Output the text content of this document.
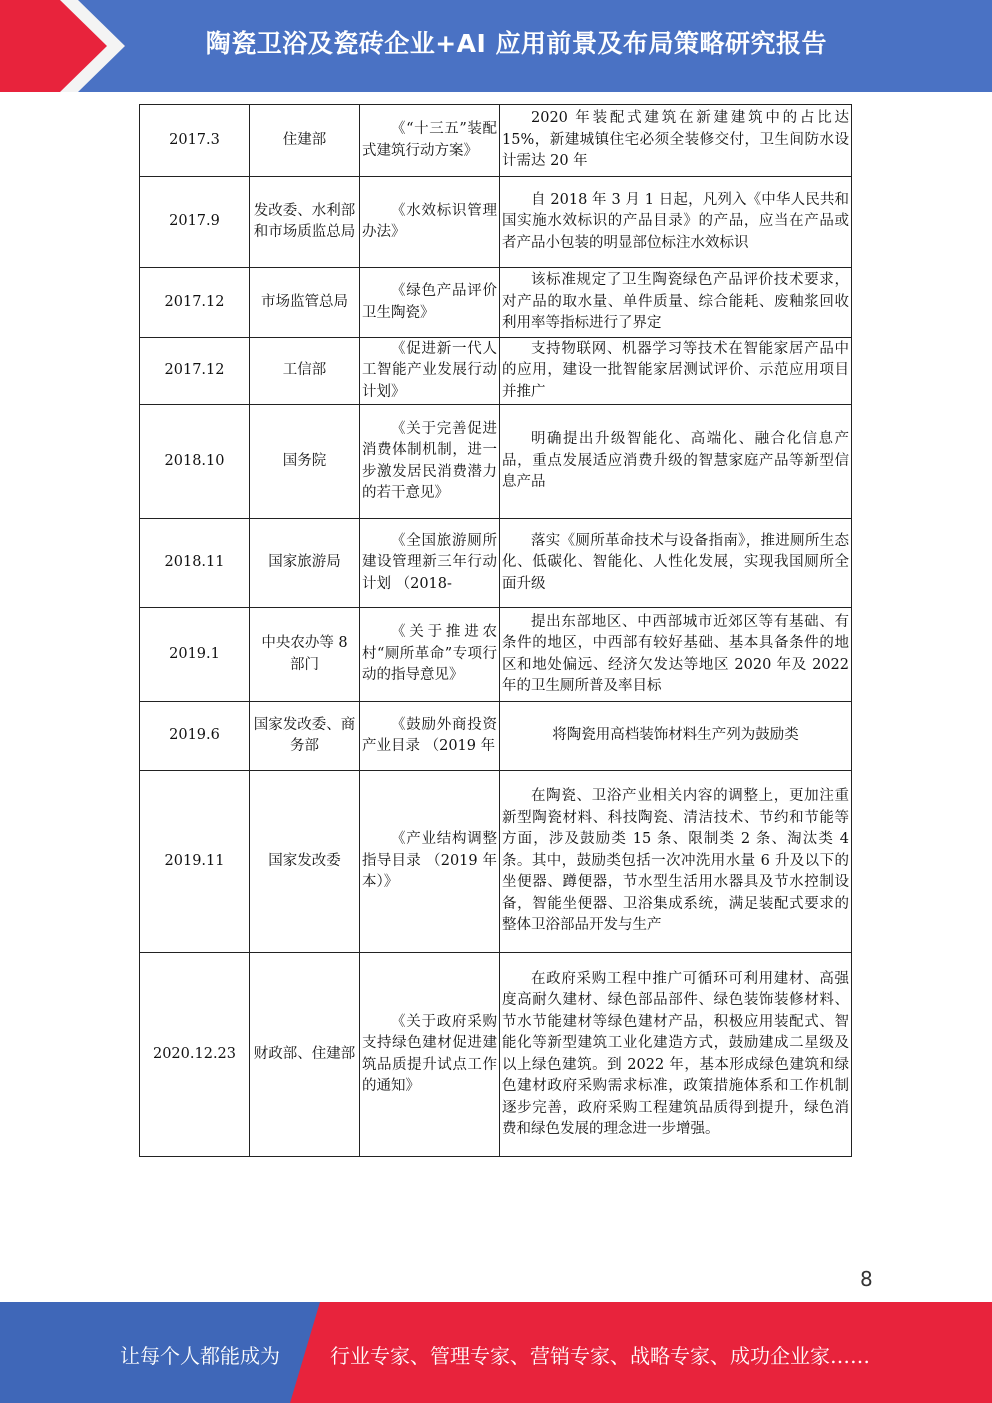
陶瓷卫浴及瓷砖企业+AI 应用前景及布局策略研究报告
2017.3	住建部	《“十三五”装配式建筑行动方案》	2020 年装配式建筑在新建建筑中的占比达 15%，新建城镇住宅必须全装修交付，卫生间防水设计需达 20 年
2017.9	发改委、水利部和市场质监总局	《水效标识管理办法》	自 2018 年 3 月 1 日起，凡列入《中华人民共和国实施水效标识的产品目录》的产品，应当在产品或者产品小包装的明显部位标注水效标识
2017.12	市场监管总局	《绿色产品评价卫生陶瓷》	该标准规定了卫生陶瓷绿色产品评价技术要求，对产品的取水量、单件质量、综合能耗、废釉浆回收利用率等指标进行了界定
2017.12	工信部	《促进新一代人工智能产业发展行动计划》	支持物联网、机器学习等技术在智能家居产品中的应用，建设一批智能家居测试评价、示范应用项目并推广
2018.10	国务院	《关于完善促进消费体制机制，进一步激发居民消费潜力的若干意见》	明确提出升级智能化、高端化、融合化信息产品，重点发展适应消费升级的智慧家庭产品等新型信息产品
2018.11	国家旅游局	《全国旅游厕所建设管理新三年行动计划 （2018-	落实《厕所革命技术与设备指南》，推进厕所生态化、低碳化、智能化、人性化发展，实现我国厕所全面升级
2019.1	中央农办等 8 部门	《关于推进农村“厕所革命”专项行动的指导意见》	提出东部地区、中西部城市近郊区等有基础、有条件的地区，中西部有较好基础、基本具备条件的地区和地处偏远、经济欠发达等地区 2020 年及 2022 年的卫生厕所普及率目标
2019.6	国家发改委、商务部	《鼓励外商投资产业目录 （2019 年	将陶瓷用高档装饰材料生产列为鼓励类
2019.11	国家发改委	《产业结构调整指导目录 （2019 年本）》	在陶瓷、卫浴产业相关内容的调整上，更加注重新型陶瓷材料、科技陶瓷、清洁技术、节约和节能等方面，涉及鼓励类 15 条、限制类 2 条、淘汰类 4 条。其中，鼓励类包括一次冲洗用水量 6 升及以下的坐便器、蹲便器，节水型生活用水器具及节水控制设备，智能坐便器、卫浴集成系统，满足装配式要求的整体卫浴部品开发与生产
2020.12.23	财政部、住建部	《关于政府采购支持绿色建材促进建筑品质提升试点工作的通知》	在政府采购工程中推广可循环可利用建材、高强度高耐久建材、绿色部品部件、绿色装饰装修材料、节水节能建材等绿色建材产品，积极应用装配式、智能化等新型建筑工业化建造方式，鼓励建成二星级及以上绿色建筑。到 2022 年，基本形成绿色建筑和绿色建材政府采购需求标准，政策措施体系和工作机制逐步完善，政府采购工程建筑品质得到提升，绿色消费和绿色发展的理念进一步增强。
8
让每个人都能成为	行业专家、管理专家、营销专家、战略专家、成功企业家……
